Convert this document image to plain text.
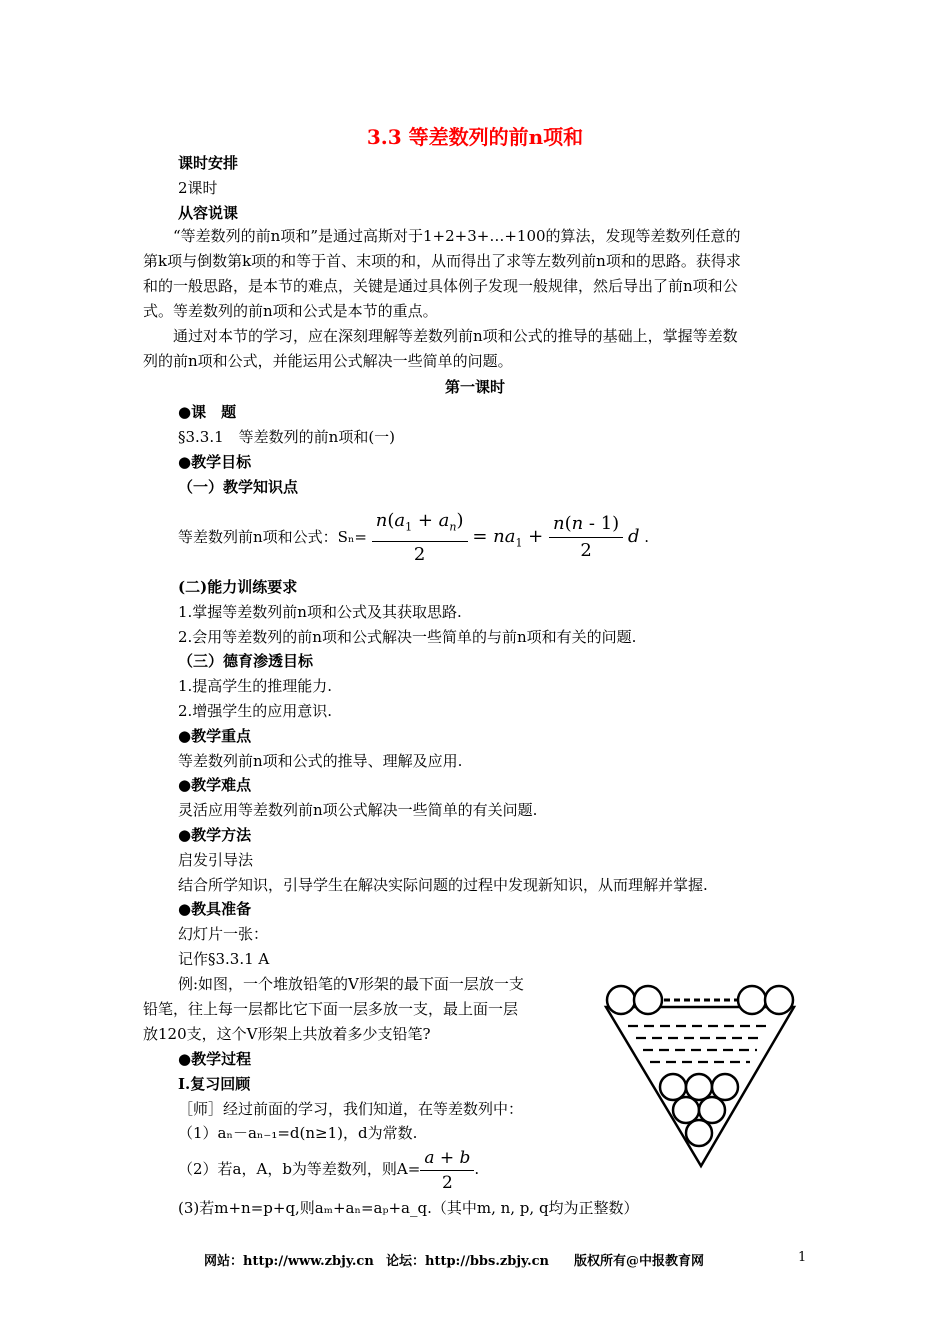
3.3 等差数列的前n项和
课时安排
2课时
从容说课
“等差数列的前n项和”是通过高斯对于1+2+3+…+100的算法，发现等差数列任意的
第k项与倒数第k项的和等于首、末项的和，从而得出了求等左数列前n项和的思路。获得求
和的一般思路，是本节的难点，关键是通过具体例子发现一般规律，然后导出了前n项和公
式。等差数列的前n项和公式是本节的重点。
通过对本节的学习，应在深刻理解等差数列前n项和公式的推导的基础上，掌握等差数
列的前n项和公式，并能运用公式解决一些简单的问题。
第一课时
●课　题
§3.3.1　等差数列的前n项和(一)
●教学目标
（一）教学知识点
等差数列前n项和公式：$S_n= \frac{n(a_1 + a_n)}{2} = na_1 + \frac{n(n - 1)}{2}$ d .
(二)能力训练要求
1.掌握等差数列前n项和公式及其获取思路.
2.会用等差数列的前n项和公式解决一些简单的与前n项和有关的问题.
（三）德育渗透目标
1.提高学生的推理能力.
2.增强学生的应用意识.
●教学重点
等差数列前n项和公式的推导、理解及应用.
●教学难点
灵活应用等差数列前n项公式解决一些简单的有关问题.
●教学方法
启发引导法
结合所学知识，引导学生在解决实际问题的过程中发现新知识，从而理解并掌握.
●教具准备
幻灯片一张：
记作§3.3.1 A
例:如图，一个堆放铅笔的V形架的最下面一层放一支
铅笔，往上每一层都比它下面一层多放一支，最上面一层
放120支，这个V形架上共放着多少支铅笔?
●教学过程
Ⅰ.复习回顾
［师］经过前面的学习，我们知道，在等差数列中：
（1）aₙ－aₙ₋₁=d(n≥1)，d为常数.
（2）若a，A，b为等差数列，则$A= \frac{a + b}{2}$ .
(3)若m+n=p+q,则aₘ+aₙ=aₚ+a_q.（其中m, n, p, q均为正整数）
网站：http://www.zbjy.cn 论坛：http://bbs.zbjy.cn 版权所有@中报教育网	1
